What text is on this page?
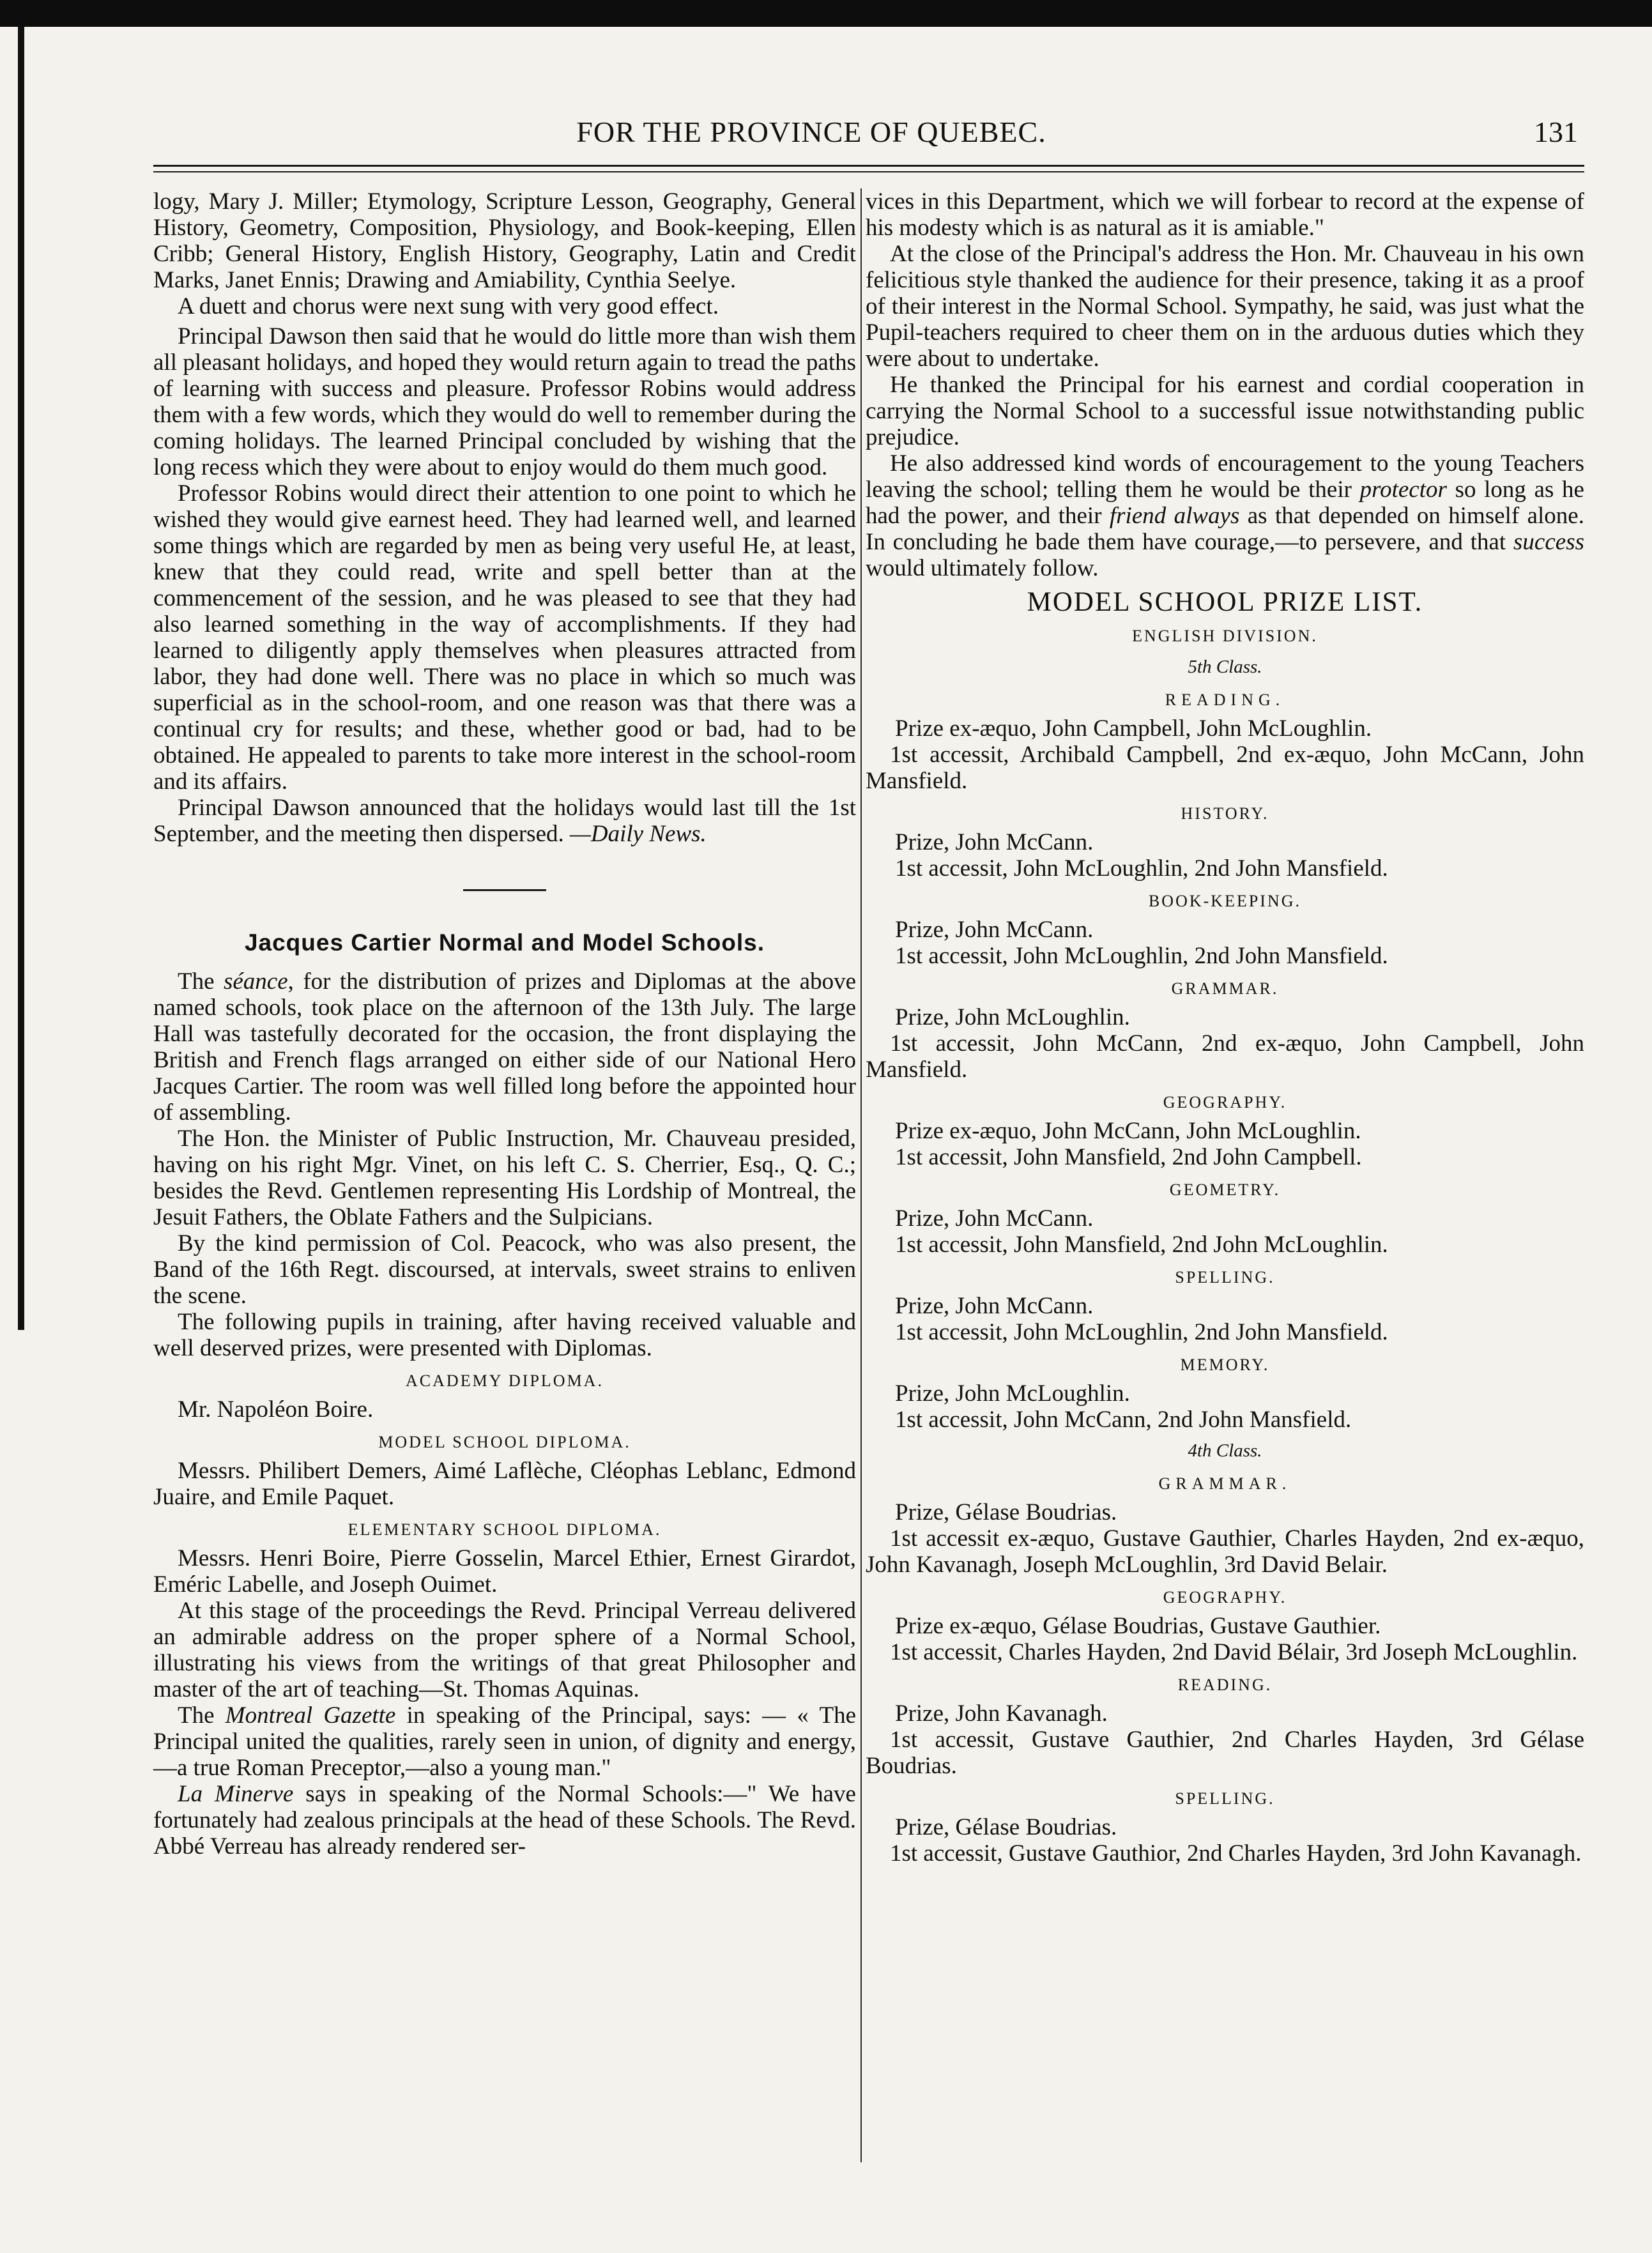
FOR THE PROVINCE OF QUEBEC.	131

logy, Mary J. Miller; Etymology, Scripture Lesson, Geography, General History, Geometry, Composition, Physiology, and Book-keeping, Ellen Cribb; General History, English History, Geography, Latin and Credit Marks, Janet Ennis; Drawing and Amiability, Cynthia Seelye.

A duett and chorus were next sung with very good effect.

Principal Dawson then said that he would do little more than wish them all pleasant holidays, and hoped they would return again to tread the paths of learning with success and pleasure. Professor Robins would address them with a few words, which they would do well to remember during the coming holidays. The learned Principal concluded by wishing that the long recess which they were about to enjoy would do them much good.

Professor Robins would direct their attention to one point to which he wished they would give earnest heed. They had learned well, and learned some things which are regarded by men as being very useful He, at least, knew that they could read, write and spell better than at the commencement of the session, and he was pleased to see that they had also learned something in the way of accomplishments. If they had learned to diligently apply themselves when pleasures attracted from labor, they had done well. There was no place in which so much was superficial as in the school-room, and one reason was that there was a continual cry for results; and these, whether good or bad, had to be obtained. He appealed to parents to take more interest in the school-room and its affairs.

Principal Dawson announced that the holidays would last till the 1st September, and the meeting then dispersed. —Daily News.

Jacques Cartier Normal and Model Schools.

The séance, for the distribution of prizes and Diplomas at the above named schools, took place on the afternoon of the 13th July. The large Hall was tastefully decorated for the occasion, the front displaying the British and French flags arranged on either side of our National Hero Jacques Cartier. The room was well filled long before the appointed hour of assembling.

The Hon. the Minister of Public Instruction, Mr. Chauveau presided, having on his right Mgr. Vinet, on his left C. S. Cherrier, Esq., Q. C.; besides the Revd. Gentlemen representing His Lordship of Montreal, the Jesuit Fathers, the Oblate Fathers and the Sulpicians.

By the kind permission of Col. Peacock, who was also present, the Band of the 16th Regt. discoursed, at intervals, sweet strains to enliven the scene.

The following pupils in training, after having received valuable and well deserved prizes, were presented with Diplomas.

ACADEMY DIPLOMA.

Mr. Napoléon Boire.

MODEL SCHOOL DIPLOMA.

Messrs. Philibert Demers, Aimé Laflèche, Cléophas Leblanc, Edmond Juaire, and Emile Paquet.

ELEMENTARY SCHOOL DIPLOMA.

Messrs. Henri Boire, Pierre Gosselin, Marcel Ethier, Ernest Girardot, Eméric Labelle, and Joseph Ouimet.

At this stage of the proceedings the Revd. Principal Verreau delivered an admirable address on the proper sphere of a Normal School, illustrating his views from the writings of that great Philosopher and master of the art of teaching—St. Thomas Aquinas.

The Montreal Gazette in speaking of the Principal, says: — « The Principal united the qualities, rarely seen in union, of dignity and energy,—a true Roman Preceptor,—also a young man."

La Minerve says in speaking of the Normal Schools:—" We have fortunately had zealous principals at the head of these Schools. The Revd. Abbé Verreau has already rendered ser-

vices in this Department, which we will forbear to record at the expense of his modesty which is as natural as it is amiable."

At the close of the Principal's address the Hon. Mr. Chauveau in his own felicitious style thanked the audience for their presence, taking it as a proof of their interest in the Normal School. Sympathy, he said, was just what the Pupil-teachers required to cheer them on in the arduous duties which they were about to undertake.

He thanked the Principal for his earnest and cordial cooperation in carrying the Normal School to a successful issue notwithstanding public prejudice.

He also addressed kind words of encouragement to the young Teachers leaving the school; telling them he would be their protector so long as he had the power, and their friend always as that depended on himself alone. In concluding he bade them have courage,—to persevere, and that success would ultimately follow.

MODEL SCHOOL PRIZE LIST.
ENGLISH DIVISION.
5th Class.
READING.

Prize ex-æquo, John Campbell, John McLoughlin.

1st accessit, Archibald Campbell, 2nd ex-æquo, John McCann, John Mansfield.

HISTORY.

Prize, John McCann.

1st accessit, John McLoughlin, 2nd John Mansfield.

BOOK-KEEPING.

Prize, John McCann.

1st accessit, John McLoughlin, 2nd John Mansfield.

GRAMMAR.

Prize, John McLoughlin.

1st accessit, John McCann, 2nd ex-æquo, John Campbell, John Mansfield.

GEOGRAPHY.

Prize ex-æquo, John McCann, John McLoughlin.

1st accessit, John Mansfield, 2nd John Campbell.

GEOMETRY.

Prize, John McCann.

1st accessit, John Mansfield, 2nd John McLoughlin.

SPELLING.

Prize, John McCann.

1st accessit, John McLoughlin, 2nd John Mansfield.

MEMORY.

Prize, John McLoughlin.

1st accessit, John McCann, 2nd John Mansfield.

4th Class.
GRAMMAR.

Prize, Gélase Boudrias.

1st accessit ex-æquo, Gustave Gauthier, Charles Hayden, 2nd ex-æquo, John Kavanagh, Joseph McLoughlin, 3rd David Belair.

GEOGRAPHY.

Prize ex-æquo, Gélase Boudrias, Gustave Gauthier.

1st accessit, Charles Hayden, 2nd David Bélair, 3rd Joseph McLoughlin.

READING.

Prize, John Kavanagh.

1st accessit, Gustave Gauthier, 2nd Charles Hayden, 3rd Gélase Boudrias.

SPELLING.

Prize, Gélase Boudrias.

1st accessit, Gustave Gauthior, 2nd Charles Hayden, 3rd John Kavanagh.
